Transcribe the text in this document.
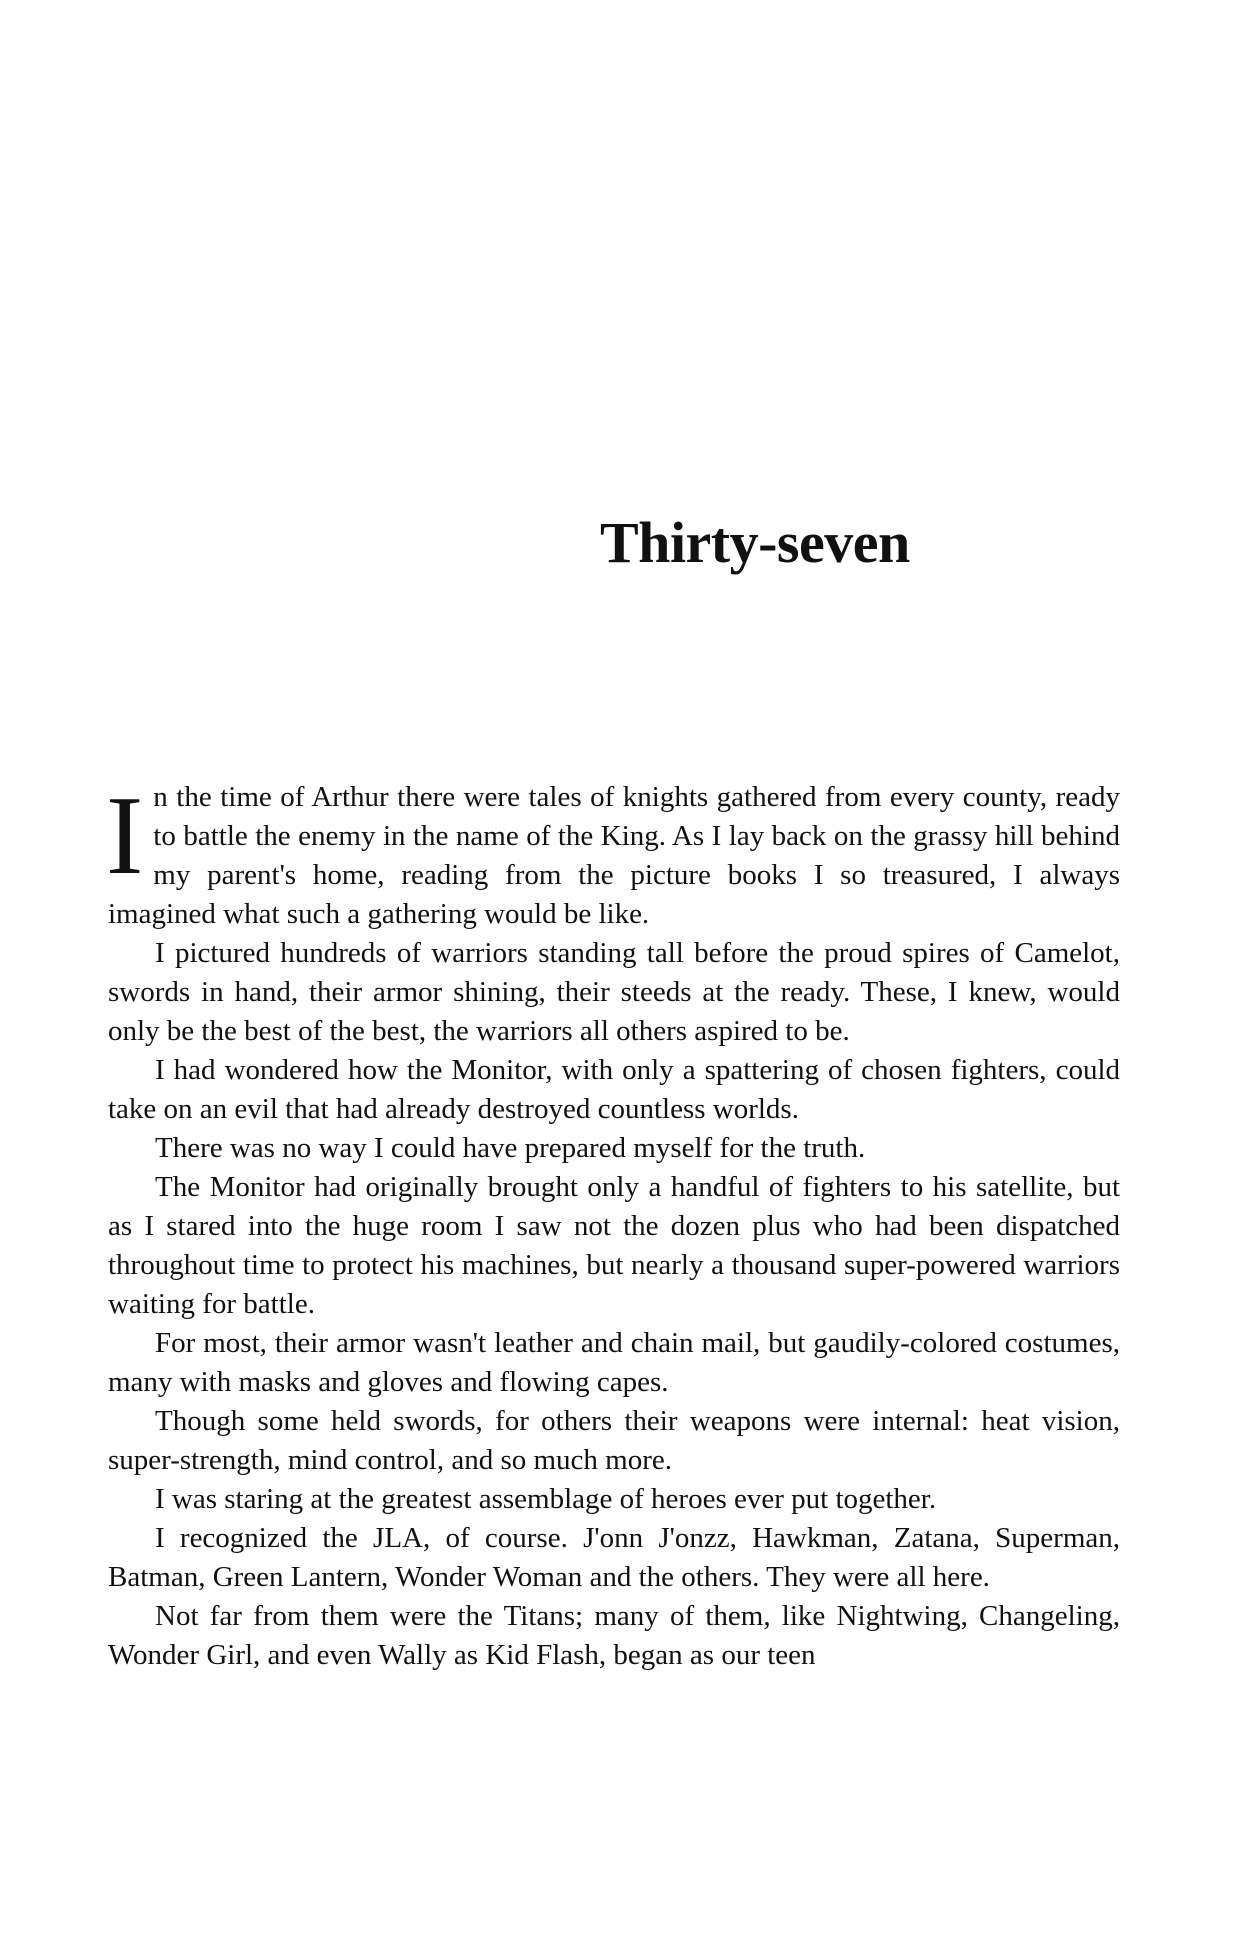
Thirty-seven

In the time of Arthur there were tales of knights gathered from every county, ready to battle the enemy in the name of the King. As I lay back on the grassy hill behind my parent's home, reading from the picture books I so treasured, I always imagined what such a gathering would be like.

I pictured hundreds of warriors standing tall before the proud spires of Camelot, swords in hand, their armor shining, their steeds at the ready. These, I knew, would only be the best of the best, the warriors all others aspired to be.

I had wondered how the Monitor, with only a spattering of chosen fighters, could take on an evil that had already destroyed countless worlds.

There was no way I could have prepared myself for the truth.

The Monitor had originally brought only a handful of fighters to his satellite, but as I stared into the huge room I saw not the dozen plus who had been dispatched throughout time to protect his machines, but nearly a thousand super-powered warriors waiting for battle.

For most, their armor wasn't leather and chain mail, but gaudily-colored costumes, many with masks and gloves and flowing capes.

Though some held swords, for others their weapons were internal: heat vision, super-strength, mind control, and so much more.

I was staring at the greatest assemblage of heroes ever put together.

I recognized the JLA, of course. J'onn J'onzz, Hawkman, Zatana, Superman, Batman, Green Lantern, Wonder Woman and the others. They were all here.

Not far from them were the Titans; many of them, like Nightwing, Changeling, Wonder Girl, and even Wally as Kid Flash, began as our teen
